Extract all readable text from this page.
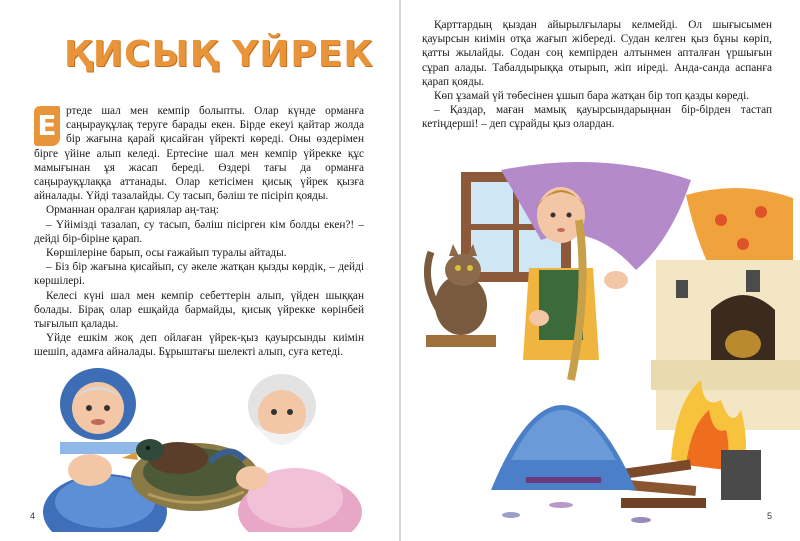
ҚИСЫҚ ҮЙРЕК

Е ртеде шал мен кемпір болыпты. Олар күнде орманға саңырауқұлақ теруге барады екен. Бірде екеуі қайтар жолда бір жағына қарай қисайған үйректі көреді. Оны өздерімен бірге үйіне алып келеді. Ертесіне шал мен кемпір үйрекке құс мамығынан ұя жасап береді. Өздері тағы да орманға саңырауқұлаққа аттанады. Олар кетісімен қисық үйрек қызға айналады. Үйді тазалайды. Су тасып, бәліш те пісіріп қояды.

Орманнан оралған қариялар аң-таң:

– Үйімізді тазалап, су тасып, бәліш пісірген кім болды екен?! – дейді бір-біріне қарап.

Көршілеріне барып, осы ғажайып туралы айтады.

– Біз бір жағына қисайып, су әкеле жатқан қызды көрдік, – дейді көршілері.

Келесі күні шал мен кемпір себеттерін алып, үйден шыққан болады. Бірақ олар ешқайда бармайды, қисық үйрекке көрінбей тығылып қалады.

Үйде ешкім жоқ деп ойлаған үйрек-қыз қауырсынды киімін шешіп, адамға айналады. Бұрыштағы шелекті алып, суға кетеді.

4

Қарттардың қыздан айырылғылары келмейді. Ол шығысымен қауырсын киімін отқа жағып жібереді. Судан келген қыз бұны көріп, қатты жылайды. Содан соң кемпірден алтынмен апталған үршығын сұрап алады. Табалдырыққа отырып, жіп иіреді. Анда-санда аспанға қарап қояды.

Көп ұзамай үй төбесінен ұшып бара жатқан бір топ қазды көреді.

– Қаздар, маған мамық қауырсындарыңнан бір-бірден тастап кетіңдерші! – деп сұрайды қыз олардан.

5
